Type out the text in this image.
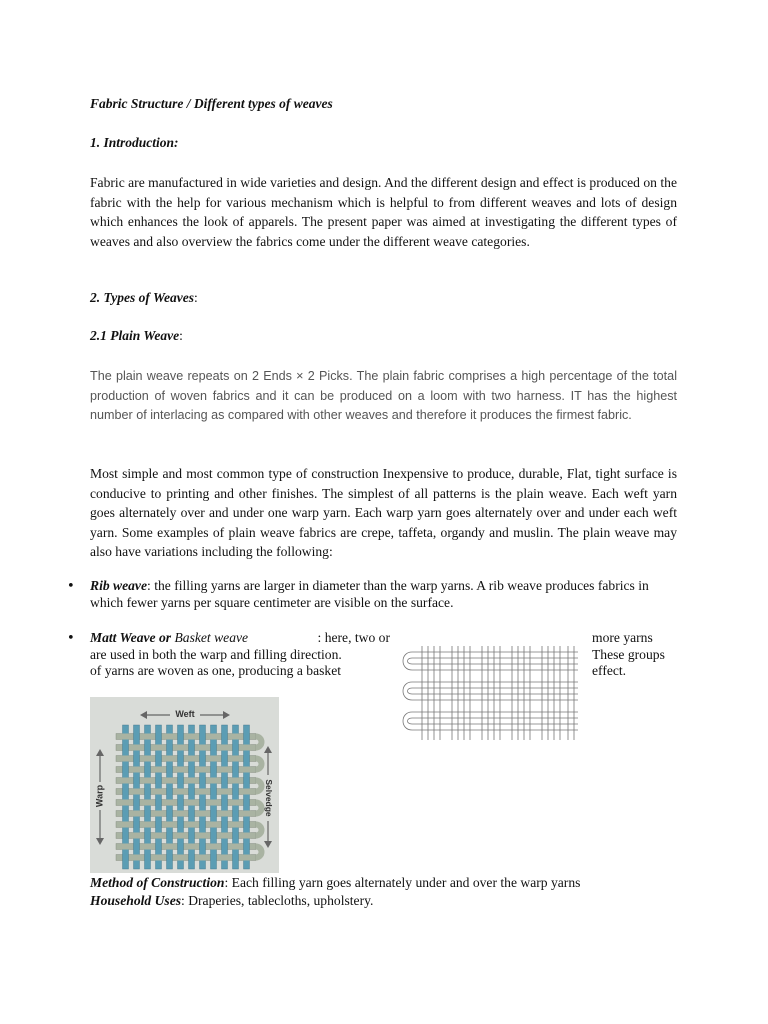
Fabric Structure / Different types of weaves
1. Introduction:
Fabric are manufactured in wide varieties and design. And the different design and effect is produced on the fabric with the help for various mechanism which is helpful to from different weaves and lots of design which enhances the look of apparels. The present paper was aimed at investigating the different types of weaves and also overview the fabrics come under the different weave categories.
2. Types of Weaves:
2.1 Plain Weave:
The plain weave repeats on 2 Ends × 2 Picks. The plain fabric comprises a high percentage of the total production of woven fabrics and it can be produced on a loom with two harness. IT has the highest number of interlacing as compared with other weaves and therefore it produces the firmest fabric.
Most simple and most common type of construction Inexpensive to produce, durable, Flat, tight surface is conducive to printing and other finishes. The simplest of all patterns is the plain weave. Each weft yarn goes alternately over and under one warp yarn. Each warp yarn goes alternately over and under each weft yarn. Some examples of plain weave fabrics are crepe, taffeta, organdy and muslin. The plain weave may also have variations including the following:
• Rib weave: the filling yarns are larger in diameter than the warp yarns. A rib weave produces fabrics in which fewer yarns per square centimeter are visible on the surface.
• Matt Weave or Basket weave	: here, two or
are used in both the warp and filling direction.
of yarns are woven as one, producing a basket
more yarns
These groups
effect.
Weft
Warp	Selvedge
Method of Construction: Each filling yarn goes alternately under and over the warp yarns
Household Uses: Draperies, tablecloths, upholstery.
